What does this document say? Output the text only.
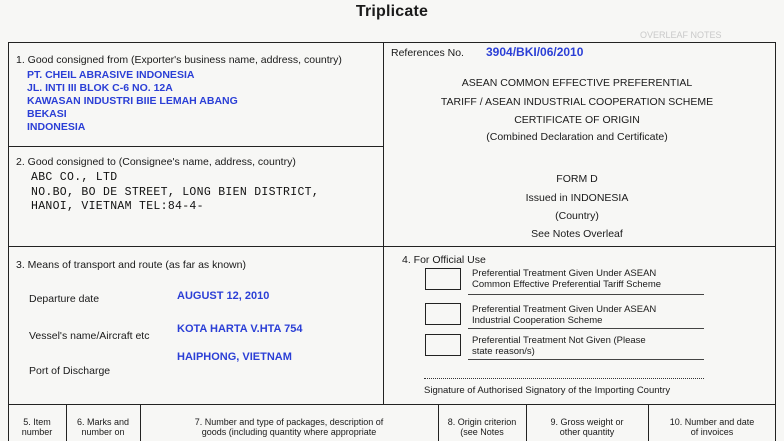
Triplicate
OVERLEAF NOTES
1. Good consigned from (Exporter's business name, address, country)
PT. CHEIL ABRASIVE INDONESIA
JL. INTI III BLOK C-6 NO. 12A
KAWASAN INDUSTRI BIIE LEMAH ABANG
BEKASI
INDONESIA
2. Good consigned to (Consignee's name, address, country)
ABC CO., LTD
NO.BO, BO DE STREET, LONG BIEN DISTRICT,
HANOI, VIETNAM TEL:84-4-
References No. 3904/BKI/06/2010
ASEAN COMMON EFFECTIVE PREFERENTIAL
TARIFF / ASEAN INDUSTRIAL COOPERATION SCHEME
CERTIFICATE OF ORIGIN
(Combined Declaration and Certificate)
FORM D
Issued in INDONESIA
(Country)
See Notes Overleaf
3. Means of transport and route (as far as known)
Departure date	AUGUST 12, 2010
Vessel's name/Aircraft etc
KOTA HARTA V.HTA 754
HAIPHONG, VIETNAM
Port of Discharge
4. For Official Use
Preferential Treatment Given Under ASEAN
Common Effective Preferential Tariff Scheme
Preferential Treatment Given Under ASEAN
Industrial Cooperation Scheme
Preferential Treatment Not Given (Please
state reason/s)
Signature of Authorised Signatory of the Importing Country
5. Item
number
6. Marks and
number on
7. Number and type of packages, description of
goods (including quantity where appropriate
8. Origin criterion
(see Notes
9. Gross weight or
other quantity
10. Number and date
of invoices
